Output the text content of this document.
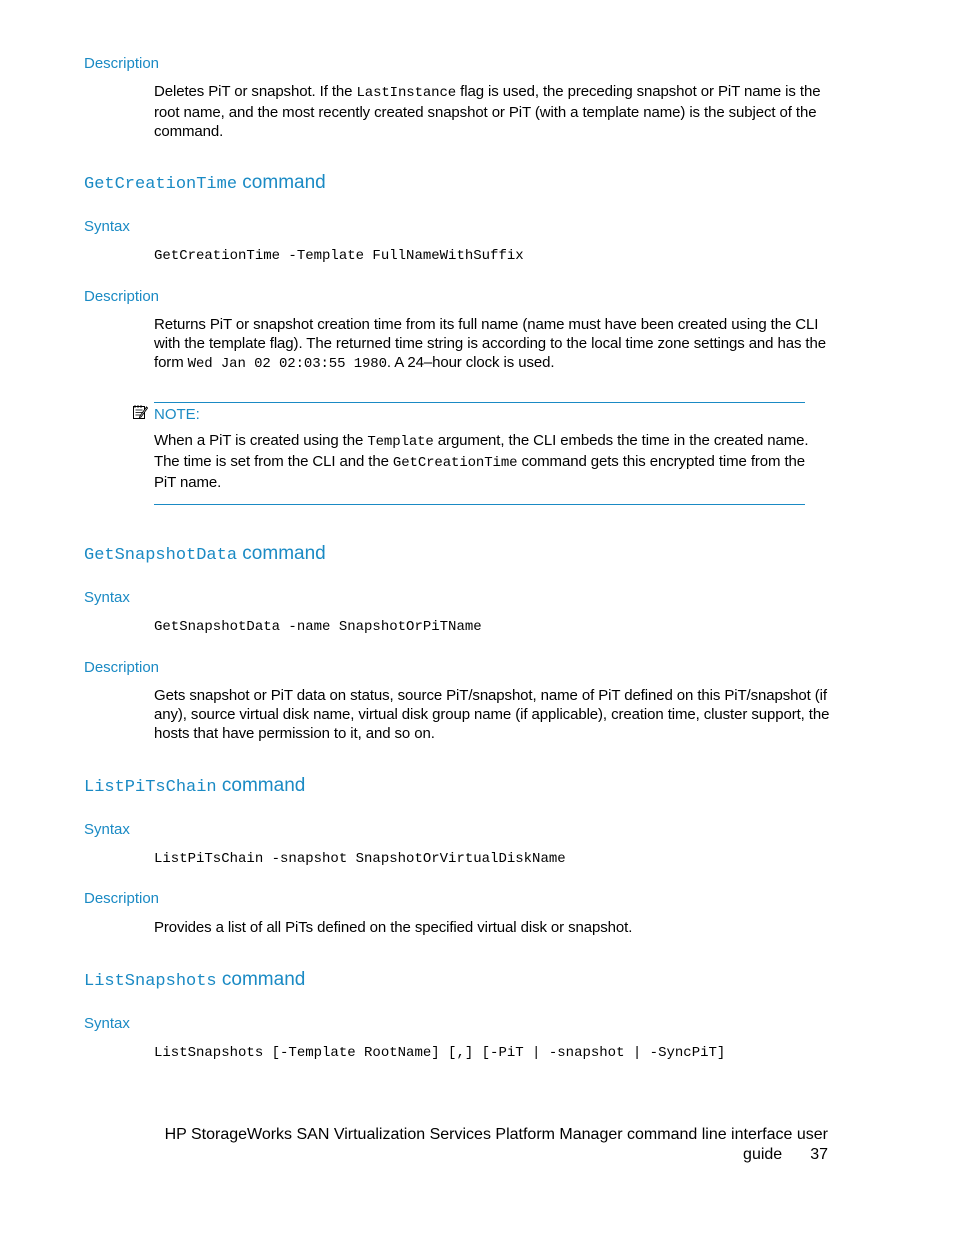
Description

Deletes PiT or snapshot. If the LastInstance flag is used, the preceding snapshot or PiT name is the root name, and the most recently created snapshot or PiT (with a template name) is the subject of the command.

GetCreationTime command
Syntax
GetCreationTime -Template FullNameWithSuffix
Description

Returns PiT or snapshot creation time from its full name (name must have been created using the CLI with the template flag). The returned time string is according to the local time zone settings and has the form Wed Jan 02 02:03:55 1980. A 24–hour clock is used.

NOTE:

When a PiT is created using the Template argument, the CLI embeds the time in the created name. The time is set from the CLI and the GetCreationTime command gets this encrypted time from the PiT name.

GetSnapshotData command
Syntax
GetSnapshotData -name SnapshotOrPiTName
Description

Gets snapshot or PiT data on status, source PiT/snapshot, name of PiT defined on this PiT/snapshot (if any), source virtual disk name, virtual disk group name (if applicable), creation time, cluster support, the hosts that have permission to it, and so on.

ListPiTsChain command
Syntax
ListPiTsChain -snapshot SnapshotOrVirtualDiskName
Description

Provides a list of all PiTs defined on the specified virtual disk or snapshot.

ListSnapshots command
Syntax
ListSnapshots [-Template RootName] [,] [-PiT | -snapshot | -SyncPiT]

HP StorageWorks SAN Virtualization Services Platform Manager command line interface user guide 37
